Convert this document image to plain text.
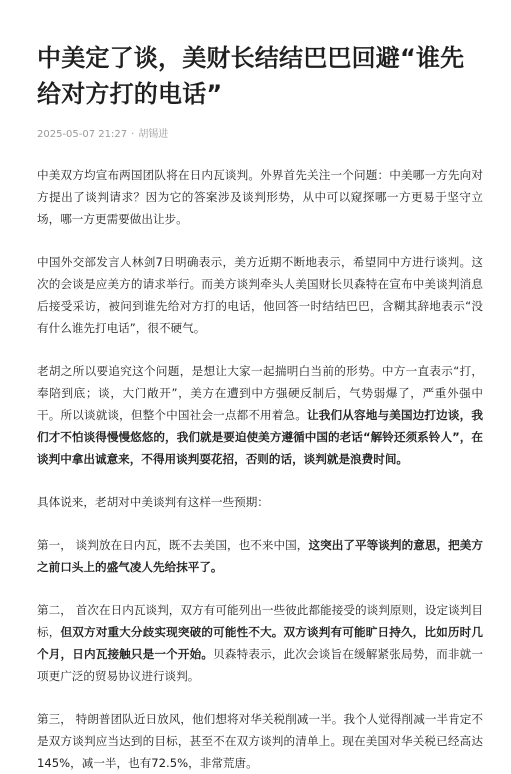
中美定了谈，美财长结结巴巴回避“谁先给对方打的电话”
2025-05-07 21:27 · 胡锡进

中美双方均宣布两国团队将在日内瓦谈判。外界首先关注一个问题：中美哪一方先向对方提出了谈判请求？因为它的答案涉及谈判形势，从中可以窥探哪一方更易于坚守立场，哪一方更需要做出让步。

中国外交部发言人林剑7日明确表示，美方近期不断地表示，希望同中方进行谈判。这次的会谈是应美方的请求举行。而美方谈判牵头人美国财长贝森特在宣布中美谈判消息后接受采访，被问到谁先给对方打的电话，他回答一时结结巴巴，含糊其辞地表示“没有什么谁先打电话”，很不硬气。

老胡之所以要追究这个问题，是想让大家一起揣明白当前的形势。中方一直表示“打，奉陪到底；谈，大门敞开”，美方在遭到中方强硬反制后，气势弱爆了，严重外强中干。所以谈就谈，但整个中国社会一点都不用着急。让我们从容地与美国边打边谈，我们才不怕谈得慢慢悠悠的，我们就是要迫使美方遵循中国的老话“解铃还须系铃人”，在谈判中拿出诚意来，不得用谈判耍花招，否则的话，谈判就是浪费时间。

具体说来，老胡对中美谈判有这样一些预期：

第一， 谈判放在日内瓦，既不去美国，也不来中国，这突出了平等谈判的意思，把美方之前口头上的盛气凌人先给抹平了。

第二， 首次在日内瓦谈判，双方有可能列出一些彼此都能接受的谈判原则，设定谈判目标，但双方对重大分歧实现突破的可能性不大。双方谈判有可能旷日持久，比如历时几个月，日内瓦接触只是一个开始。贝森特表示，此次会谈旨在缓解紧张局势，而非就一项更广泛的贸易协议进行谈判。

第三， 特朗普团队近日放风，他们想将对华关税削减一半。我个人觉得削减一半肯定不是双方谈判应当达到的目标，甚至不在双方谈判的清单上。现在美国对华关税已经高达145%，减一半，也有72.5%，非常荒唐。
